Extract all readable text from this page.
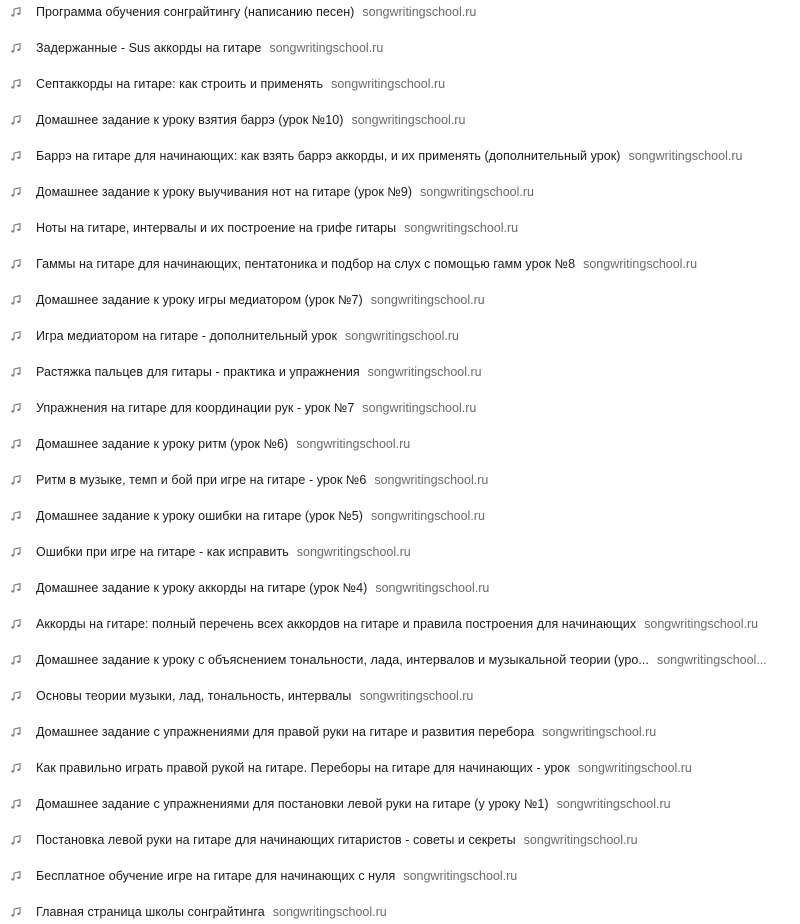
Программа обучения сонграйтингу (написанию песен) songwritingschool.ru
Задержанные - Sus аккорды на гитаре songwritingschool.ru
Септаккорды на гитаре: как строить и применять songwritingschool.ru
Домашнее задание к уроку взятия баррэ (урок №10) songwritingschool.ru
Баррэ на гитаре для начинающих: как взять баррэ аккорды, и их применять (дополнительный урок) songwritingschool.ru
Домашнее задание к уроку выучивания нот на гитаре (урок №9) songwritingschool.ru
Ноты на гитаре, интервалы и их построение на грифе гитары songwritingschool.ru
Гаммы на гитаре для начинающих, пентатоника и подбор на слух с помощью гамм урок №8 songwritingschool.ru
Домашнее задание к уроку игры медиатором (урок №7) songwritingschool.ru
Игра медиатором на гитаре - дополнительный урок songwritingschool.ru
Растяжка пальцев для гитары - практика и упражнения songwritingschool.ru
Упражнения на гитаре для координации рук - урок №7 songwritingschool.ru
Домашнее задание к уроку ритм (урок №6) songwritingschool.ru
Ритм в музыке, темп и бой при игре на гитаре - урок №6 songwritingschool.ru
Домашнее задание к уроку ошибки на гитаре (урок №5) songwritingschool.ru
Ошибки при игре на гитаре - как исправить songwritingschool.ru
Домашнее задание к уроку аккорды на гитаре (урок №4) songwritingschool.ru
Аккорды на гитаре: полный перечень всех аккордов на гитаре и правила построения для начинающих songwritingschool.ru
Домашнее задание к уроку с объяснением тональности, лада, интервалов и музыкальной теории (уро... songwritingschool...
Основы теории музыки, лад, тональность, интервалы songwritingschool.ru
Домашнее задание с упражнениями для правой руки на гитаре и развития перебора songwritingschool.ru
Как правильно играть правой рукой на гитаре. Переборы на гитаре для начинающих - урок songwritingschool.ru
Домашнее задание с упражнениями для постановки левой руки на гитаре (у уроку №1) songwritingschool.ru
Постановка левой руки на гитаре для начинающих гитаристов - советы и секреты songwritingschool.ru
Бесплатное обучение игре на гитаре для начинающих с нуля songwritingschool.ru
Главная страница школы сонграйтинга songwritingschool.ru
